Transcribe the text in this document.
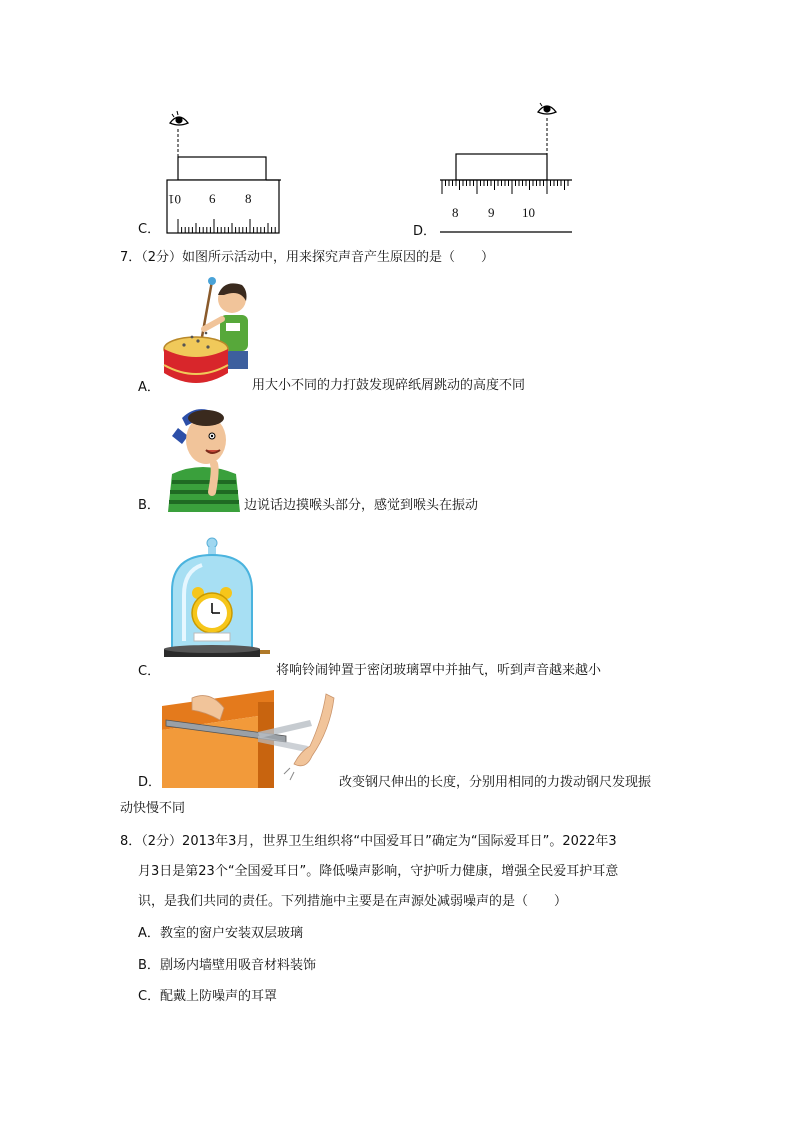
C．
01 6 8
D．
8 9 10
7．（2分）如图所示活动中，用来探究声音产生原因的是（　　）
A．	用大小不同的力打鼓发现碎纸屑跳动的高度不同
B．	边说话边摸喉头部分，感觉到喉头在振动
C．	将响铃闹钟置于密闭玻璃罩中并抽气，听到声音越来越小
D．	改变钢尺伸出的长度，分别用相同的力拨动钢尺发现振
动快慢不同
8．（2分）2013年3月，世界卫生组织将“中国爱耳日”确定为“国际爱耳日”。2022年3
月3日是第23个“全国爱耳日”。降低噪声影响，守护听力健康，增强全民爱耳护耳意
识，是我们共同的责任。下列措施中主要是在声源处减弱噪声的是（　　）
A． 教室的窗户安装双层玻璃
B． 剧场内墙壁用吸音材料装饰
C． 配戴上防噪声的耳罩
